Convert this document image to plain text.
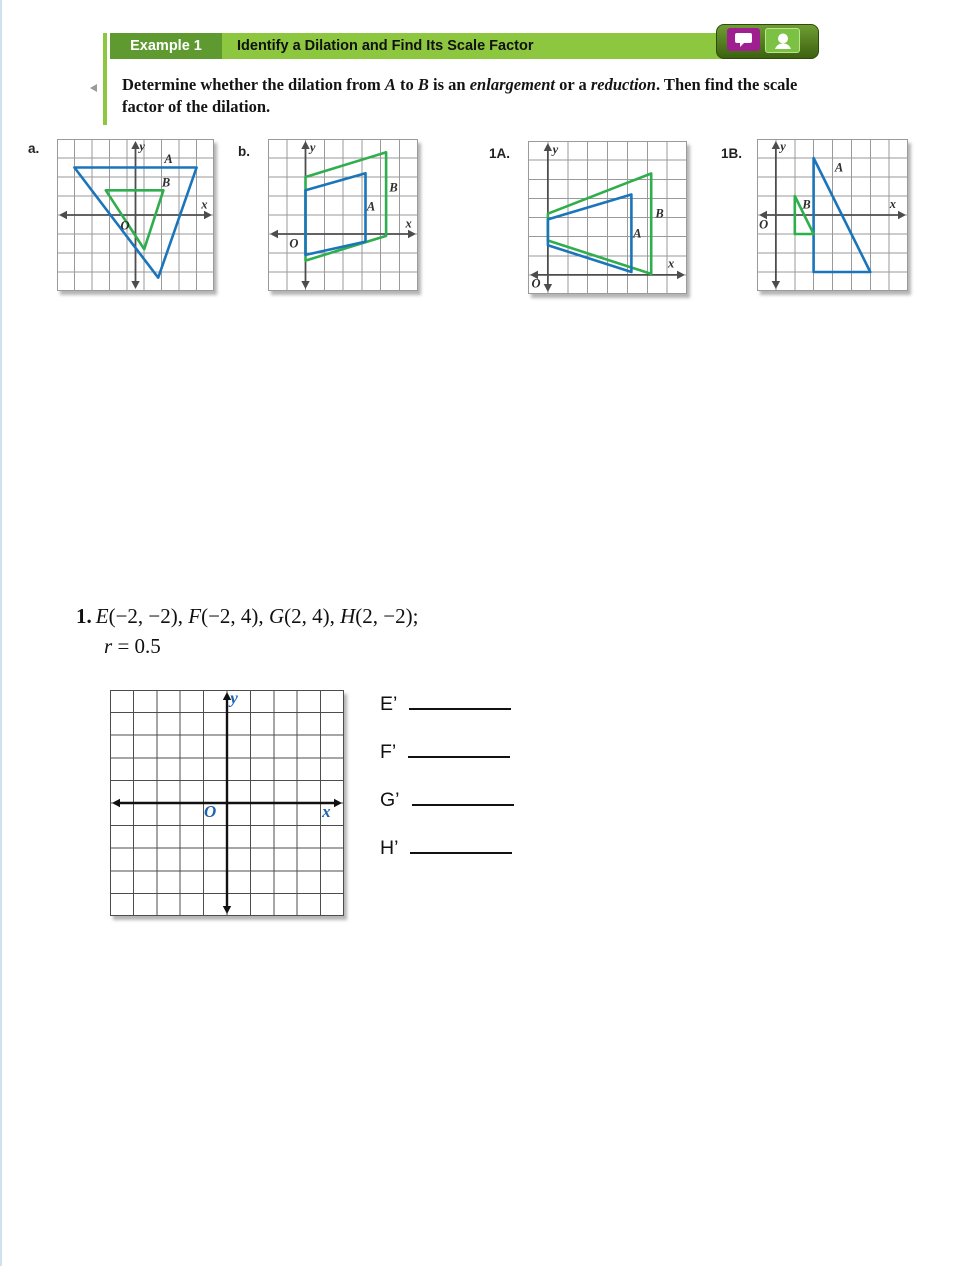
Example 1 Identify a Dilation and Find Its Scale Factor
Determine whether the dilation from A to B is an enlargement or a reduction. Then find the scale factor of the dilation.
a.	b.	1A.	1B.
A
B
y
x
O
B
A
y
x
O
B
A
y
x
O
A
B
y
x
O
1. E(−2, −2), F(−2, 4), G(2, 4), H(2, −2);
r = 0.5
y
x
O
E’
F’
G’
H’
